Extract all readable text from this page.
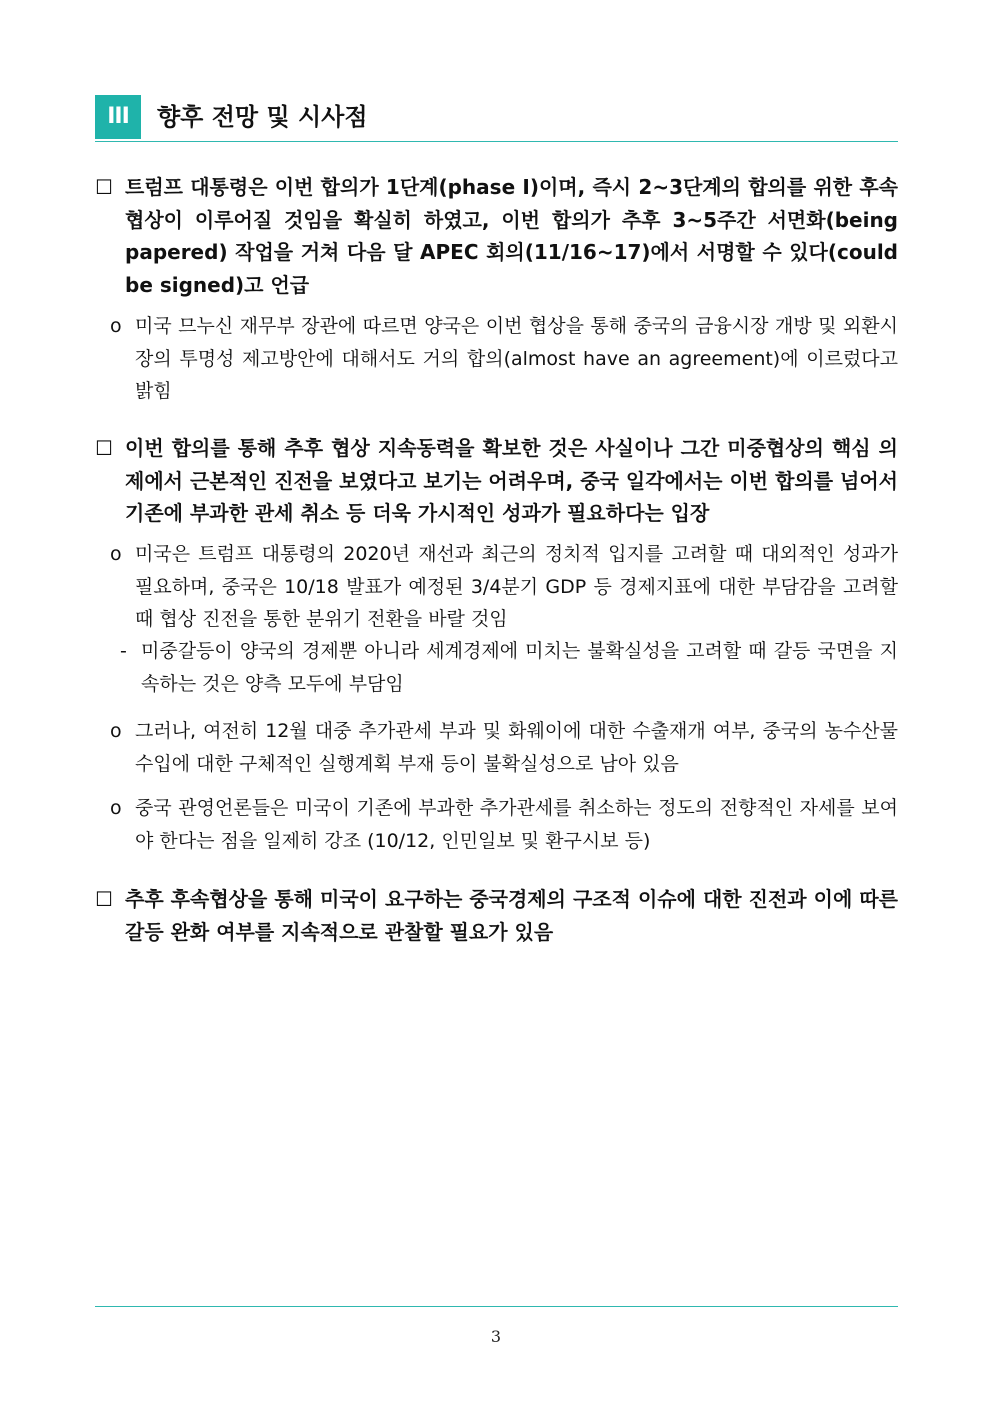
III	향후 전망 및 시사점
☐ 트럼프 대통령은 이번 합의가 1단계(phase I)이며, 즉시 2~3단계의 합의를 위한 후속협상이 이루어질 것임을 확실히 하였고, 이번 합의가 추후 3~5주간 서면화(being papered) 작업을 거쳐 다음 달 APEC 회의(11/16~17)에서 서명할 수 있다(could be signed)고 언급
o 미국 므누신 재무부 장관에 따르면 양국은 이번 협상을 통해 중국의 금융시장 개방 및 외환시장의 투명성 제고방안에 대해서도 거의 합의(almost have an agreement)에 이르렀다고 밝힘
☐ 이번 합의를 통해 추후 협상 지속동력을 확보한 것은 사실이나 그간 미중협상의 핵심 의제에서 근본적인 진전을 보였다고 보기는 어려우며, 중국 일각에서는 이번 합의를 넘어서 기존에 부과한 관세 취소 등 더욱 가시적인 성과가 필요하다는 입장
o 미국은 트럼프 대통령의 2020년 재선과 최근의 정치적 입지를 고려할 때 대외적인 성과가 필요하며, 중국은 10/18 발표가 예정된 3/4분기 GDP 등 경제지표에 대한 부담감을 고려할 때 협상 진전을 통한 분위기 전환을 바랄 것임
- 미중갈등이 양국의 경제뿐 아니라 세계경제에 미치는 불확실성을 고려할 때 갈등 국면을 지속하는 것은 양측 모두에 부담임
o 그러나, 여전히 12월 대중 추가관세 부과 및 화웨이에 대한 수출재개 여부, 중국의 농수산물 수입에 대한 구체적인 실행계획 부재 등이 불확실성으로 남아 있음
o 중국 관영언론들은 미국이 기존에 부과한 추가관세를 취소하는 정도의 전향적인 자세를 보여야 한다는 점을 일제히 강조 (10/12, 인민일보 및 환구시보 등)
☐ 추후 후속협상을 통해 미국이 요구하는 중국경제의 구조적 이슈에 대한 진전과 이에 따른 갈등 완화 여부를 지속적으로 관찰할 필요가 있음
3
